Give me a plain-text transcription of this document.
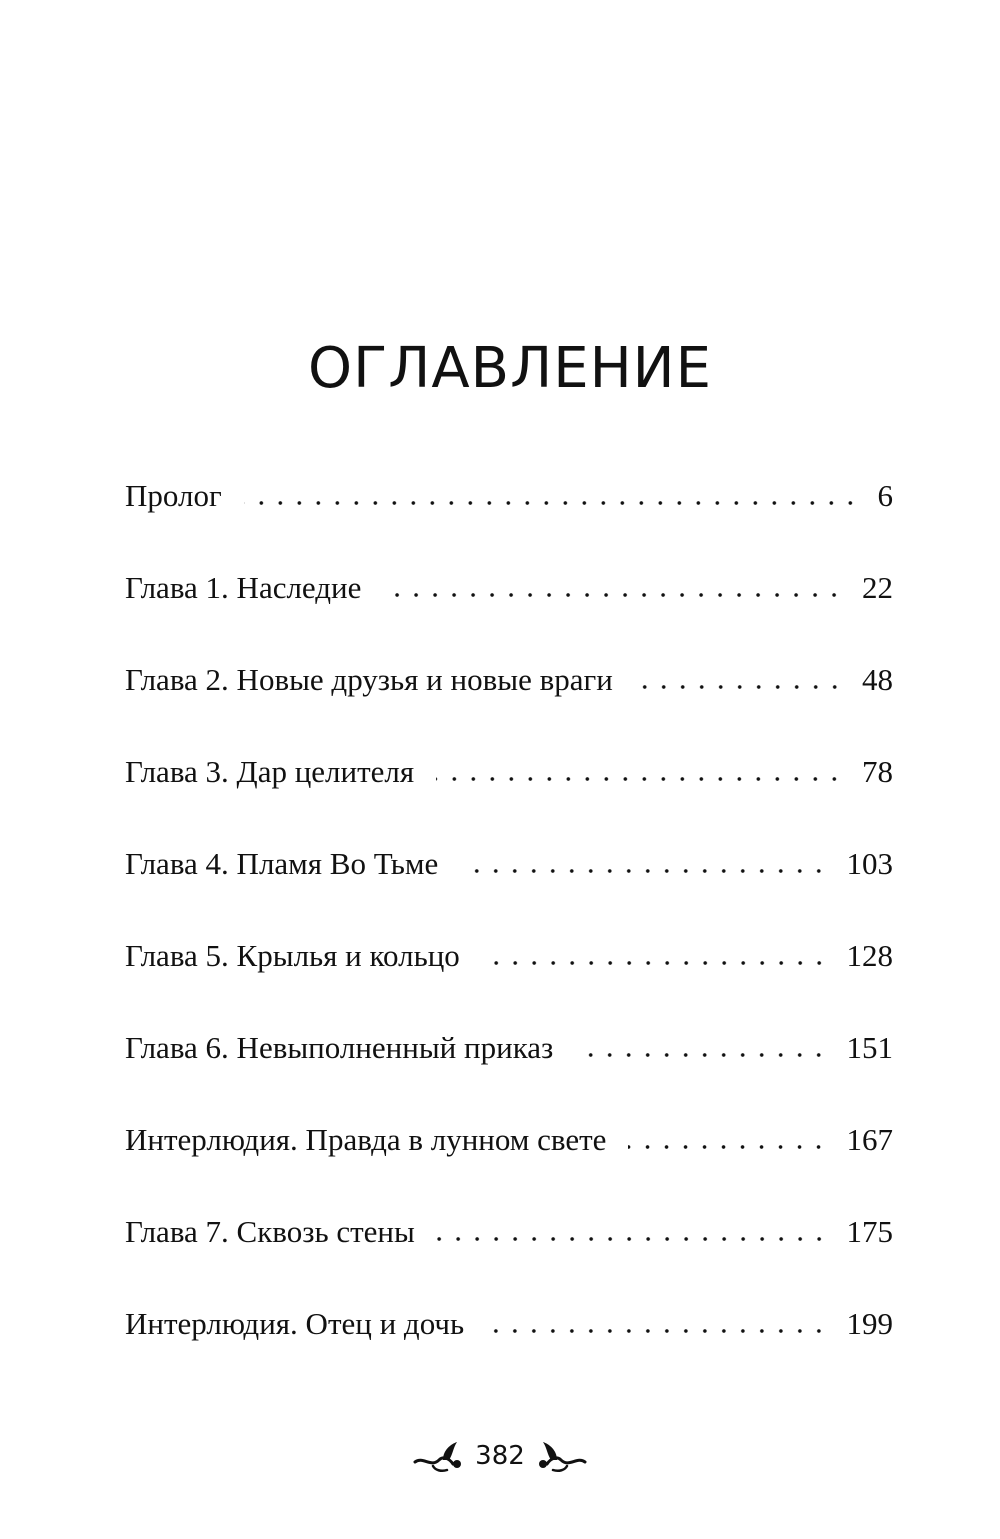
ОГЛАВЛЕНИЕ
Пролог	6
Глава 1. Наследие	22
Глава 2. Новые друзья и новые враги	48
Глава 3. Дар целителя	78
Глава 4. Пламя Во Тьме	103
Глава 5. Крылья и кольцо	128
Глава 6. Невыполненный приказ	151
Интерлюдия. Правда в лунном свете	167
Глава 7. Сквозь стены	175
Интерлюдия. Отец и дочь	199
382
